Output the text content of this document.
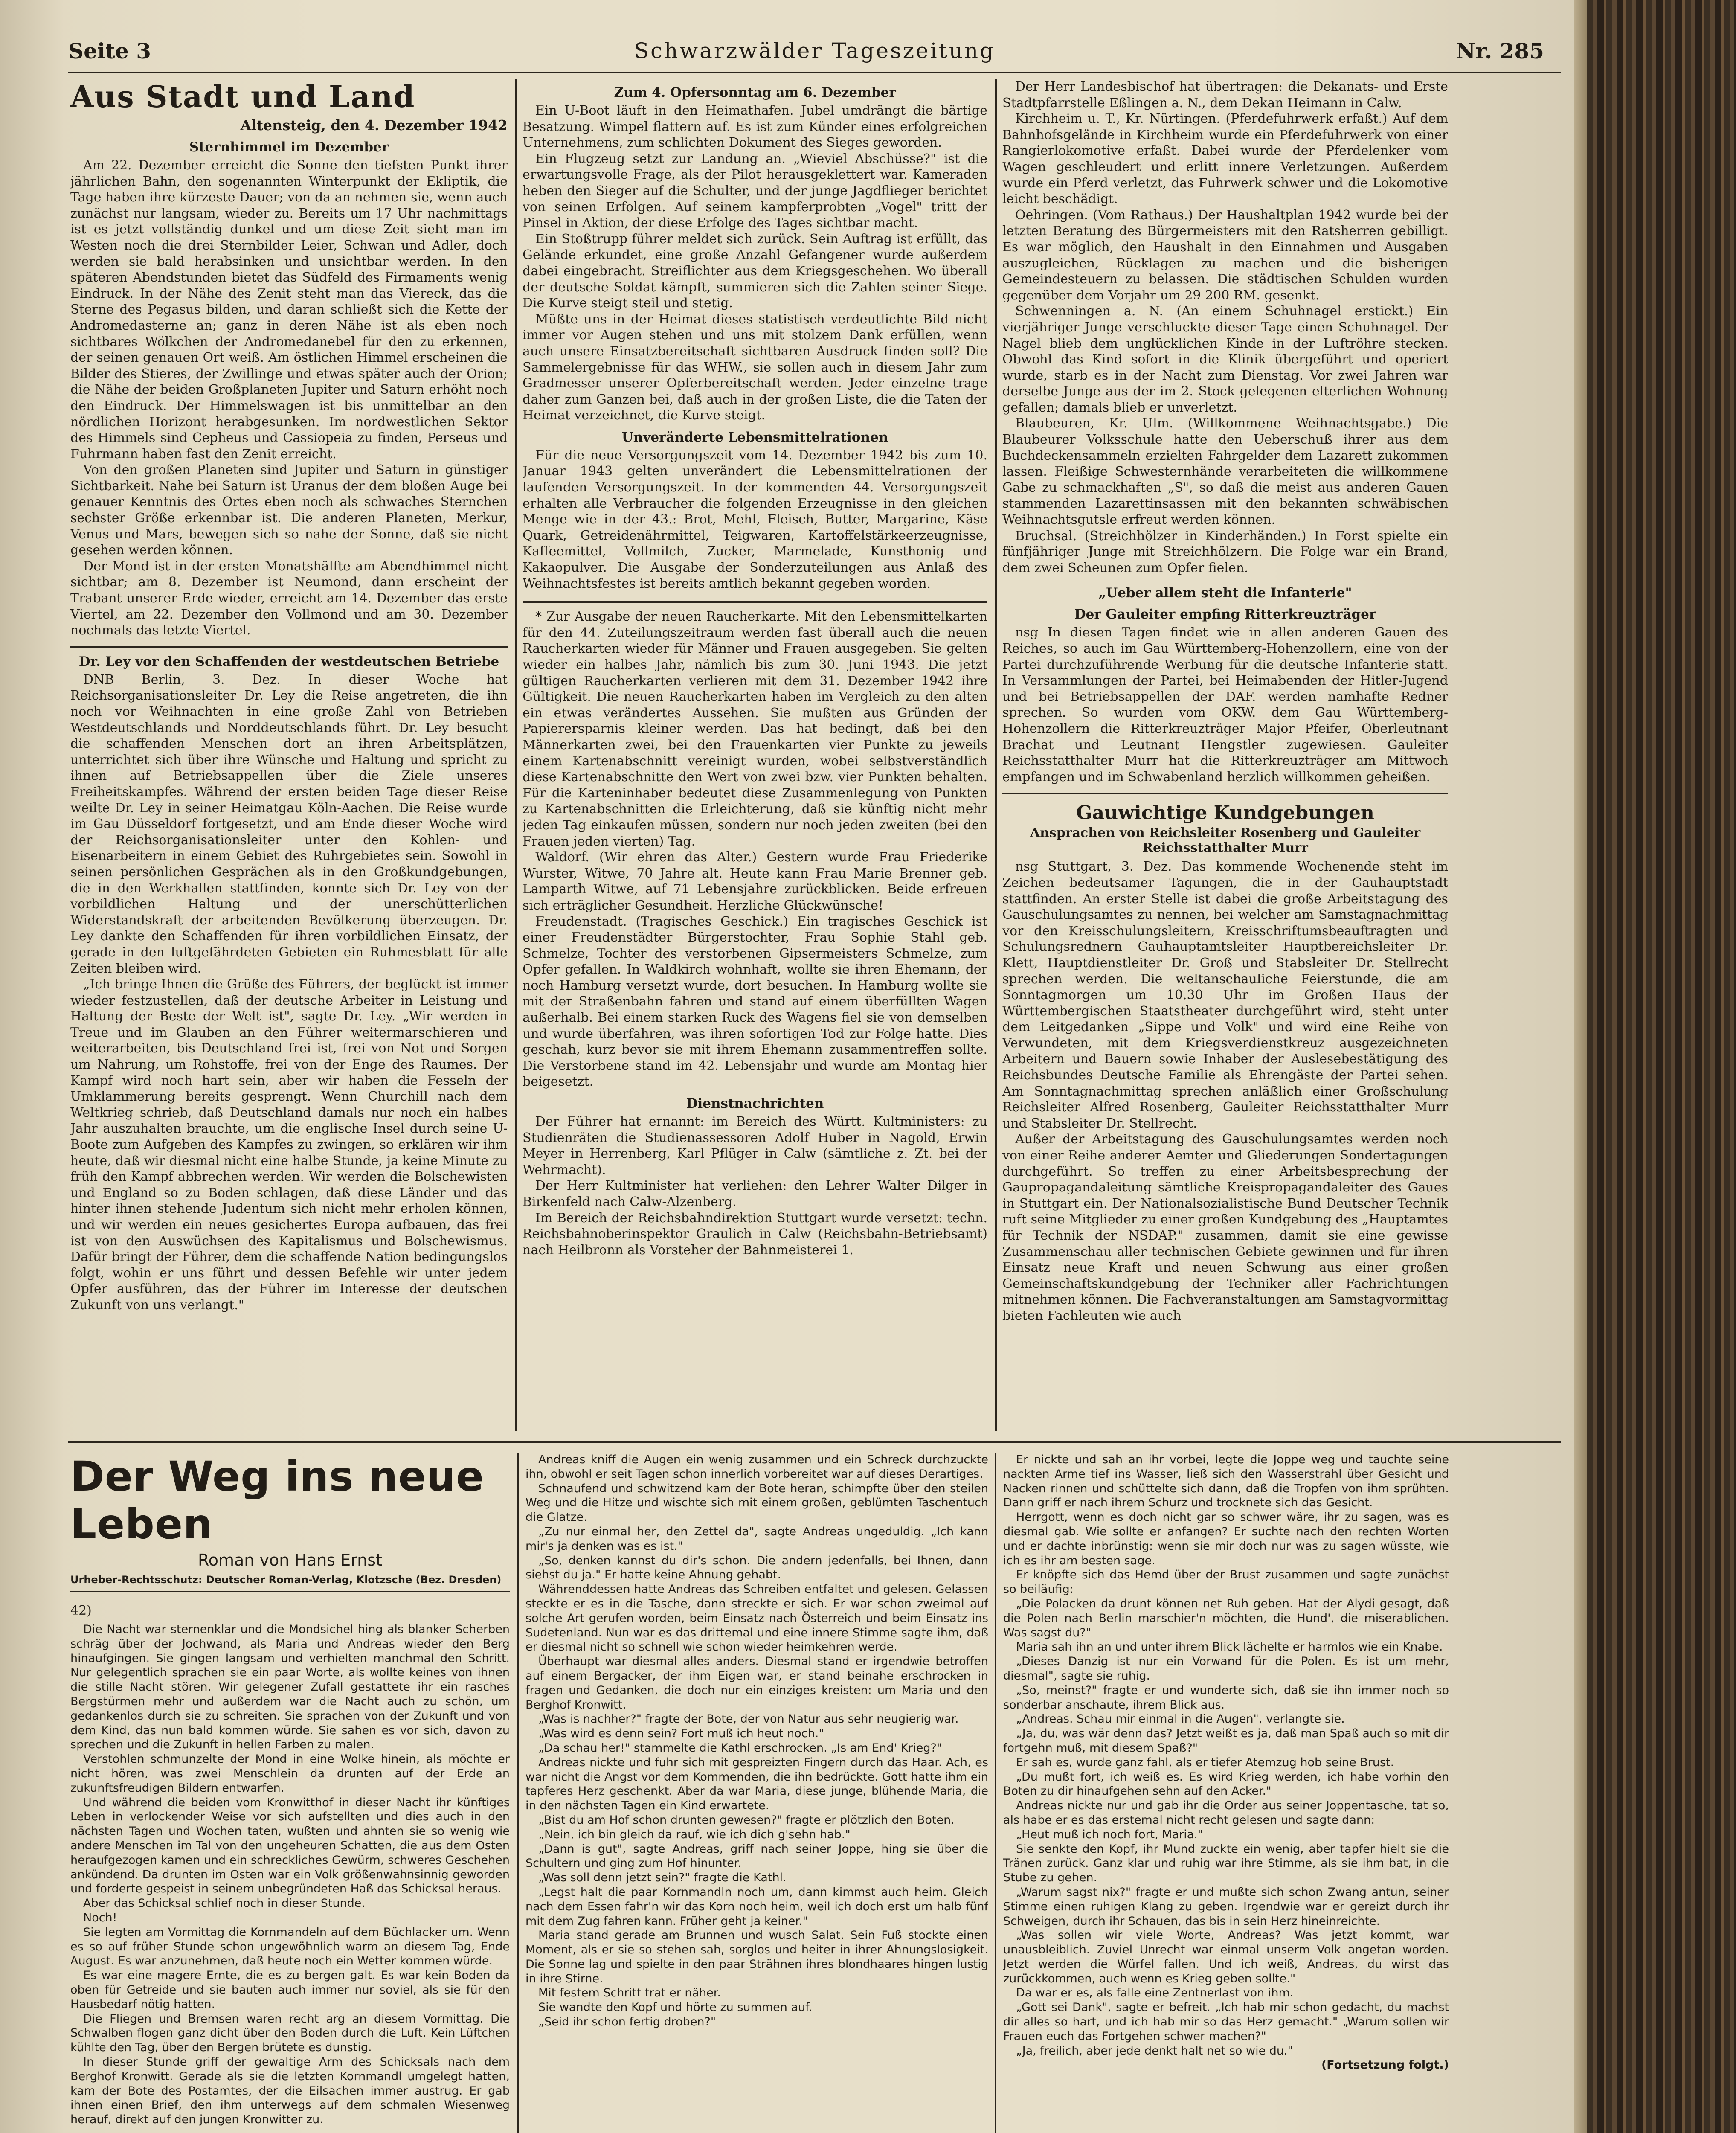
Seite 3	Schwarzwälder Tageszeitung	Nr. 285
Aus Stadt und Land
Altensteig, den 4. Dezember 1942
Sternhimmel im Dezember

Am 22. Dezember erreicht die Sonne den tiefsten Punkt ihrer jährlichen Bahn, den sogenannten Winterpunkt der Ekliptik, die Tage haben ihre kürzeste Dauer; von da an nehmen sie, wenn auch zunächst nur langsam, wieder zu. Bereits um 17 Uhr nachmittags ist es jetzt vollständig dunkel und um diese Zeit sieht man im Westen noch die drei Sternbilder Leier, Schwan und Adler, doch werden sie bald herabsinken und unsichtbar werden. In den späteren Abendstunden bietet das Südfeld des Firmaments wenig Eindruck. In der Nähe des Zenit steht man das Viereck, das die Sterne des Pegasus bilden, und daran schließt sich die Kette der Andromedasterne an; ganz in deren Nähe ist als eben noch sichtbares Wölkchen der Andromedanebel für den zu erkennen, der seinen genauen Ort weiß. Am östlichen Himmel erscheinen die Bilder des Stieres, der Zwillinge und etwas später auch der Orion; die Nähe der beiden Großplaneten Jupiter und Saturn erhöht noch den Eindruck. Der Himmelswagen ist bis unmittelbar an den nördlichen Horizont herabgesunken. Im nordwestlichen Sektor des Himmels sind Cepheus und Cassiopeia zu finden, Perseus und Fuhrmann haben fast den Zenit erreicht.

Von den großen Planeten sind Jupiter und Saturn in günstiger Sichtbarkeit. Nahe bei Saturn ist Uranus der dem bloßen Auge bei genauer Kenntnis des Ortes eben noch als schwaches Sternchen sechster Größe erkennbar ist. Die anderen Planeten, Merkur, Venus und Mars, bewegen sich so nahe der Sonne, daß sie nicht gesehen werden können.

Der Mond ist in der ersten Monatshälfte am Abendhimmel nicht sichtbar; am 8. Dezember ist Neumond, dann erscheint der Trabant unserer Erde wieder, erreicht am 14. Dezember das erste Viertel, am 22. Dezember den Vollmond und am 30. Dezember nochmals das letzte Viertel.

Dr. Ley vor den Schaffenden der westdeutschen Betriebe

DNB Berlin, 3. Dez. In dieser Woche hat Reichsorganisationsleiter Dr. Ley die Reise angetreten, die ihn noch vor Weihnachten in eine große Zahl von Betrieben Westdeutschlands und Norddeutschlands führt. Dr. Ley besucht die schaffenden Menschen dort an ihren Arbeitsplätzen, unterrichtet sich über ihre Wünsche und Haltung und spricht zu ihnen auf Betriebsappellen über die Ziele unseres Freiheitskampfes. Während der ersten beiden Tage dieser Reise weilte Dr. Ley in seiner Heimatgau Köln-Aachen. Die Reise wurde im Gau Düsseldorf fortgesetzt, und am Ende dieser Woche wird der Reichsorganisationsleiter unter den Kohlen- und Eisenarbeitern in einem Gebiet des Ruhrgebietes sein. Sowohl in seinen persönlichen Gesprächen als in den Großkundgebungen, die in den Werkhallen stattfinden, konnte sich Dr. Ley von der vorbildlichen Haltung und der unerschütterlichen Widerstandskraft der arbeitenden Bevölkerung überzeugen. Dr. Ley dankte den Schaffenden für ihren vorbildlichen Einsatz, der gerade in den luftgefährdeten Gebieten ein Ruhmesblatt für alle Zeiten bleiben wird.

„Ich bringe Ihnen die Grüße des Führers, der beglückt ist immer wieder festzustellen, daß der deutsche Arbeiter in Leistung und Haltung der Beste der Welt ist", sagte Dr. Ley. „Wir werden in Treue und im Glauben an den Führer weitermarschieren und weiterarbeiten, bis Deutschland frei ist, frei von Not und Sorgen um Nahrung, um Rohstoffe, frei von der Enge des Raumes. Der Kampf wird noch hart sein, aber wir haben die Fesseln der Umklammerung bereits gesprengt. Wenn Churchill nach dem Weltkrieg schrieb, daß Deutschland damals nur noch ein halbes Jahr auszuhalten brauchte, um die englische Insel durch seine U-Boote zum Aufgeben des Kampfes zu zwingen, so erklären wir ihm heute, daß wir diesmal nicht eine halbe Stunde, ja keine Minute zu früh den Kampf abbrechen werden. Wir werden die Bolschewisten und England so zu Boden schlagen, daß diese Länder und das hinter ihnen stehende Judentum sich nicht mehr erholen können, und wir werden ein neues gesichertes Europa aufbauen, das frei ist von den Auswüchsen des Kapitalismus und Bolschewismus. Dafür bringt der Führer, dem die schaffende Nation bedingungslos folgt, wohin er uns führt und dessen Befehle wir unter jedem Opfer ausführen, das der Führer im Interesse der deutschen Zukunft von uns verlangt."

Zum 4. Opfersonntag am 6. Dezember

Ein U-Boot läuft in den Heimathafen. Jubel umdrängt die bärtige Besatzung. Wimpel flattern auf. Es ist zum Künder eines erfolgreichen Unternehmens, zum schlichten Dokument des Sieges geworden.

Ein Flugzeug setzt zur Landung an. „Wieviel Abschüsse?" ist die erwartungsvolle Frage, als der Pilot herausgeklettert war. Kameraden heben den Sieger auf die Schulter, und der junge Jagdflieger berichtet von seinen Erfolgen. Auf seinem kampferprobten „Vogel" tritt der Pinsel in Aktion, der diese Erfolge des Tages sichtbar macht.

Ein Stoßtrupp führer meldet sich zurück. Sein Auftrag ist erfüllt, das Gelände erkundet, eine große Anzahl Gefangener wurde außerdem dabei eingebracht. Streiflichter aus dem Kriegsgeschehen. Wo überall der deutsche Soldat kämpft, summieren sich die Zahlen seiner Siege. Die Kurve steigt steil und stetig.

Müßte uns in der Heimat dieses statistisch verdeutlichte Bild nicht immer vor Augen stehen und uns mit stolzem Dank erfüllen, wenn auch unsere Einsatzbereitschaft sichtbaren Ausdruck finden soll? Die Sammelergebnisse für das WHW., sie sollen auch in diesem Jahr zum Gradmesser unserer Opferbereitschaft werden. Jeder einzelne trage daher zum Ganzen bei, daß auch in der großen Liste, die die Taten der Heimat verzeichnet, die Kurve steigt.

Unveränderte Lebensmittelrationen

Für die neue Versorgungszeit vom 14. Dezember 1942 bis zum 10. Januar 1943 gelten unverändert die Lebensmittelrationen der laufenden Versorgungszeit. In der kommenden 44. Versorgungszeit erhalten alle Verbraucher die folgenden Erzeugnisse in den gleichen Menge wie in der 43.: Brot, Mehl, Fleisch, Butter, Margarine, Käse Quark, Getreidenährmittel, Teigwaren, Kartoffelstärkeerzeugnisse, Kaffeemittel, Vollmilch, Zucker, Marmelade, Kunsthonig und Kakaopulver. Die Ausgabe der Sonderzuteilungen aus Anlaß des Weihnachtsfestes ist bereits amtlich bekannt gegeben worden.

* Zur Ausgabe der neuen Raucherkarte. Mit den Lebensmittelkarten für den 44. Zuteilungszeitraum werden fast überall auch die neuen Raucherkarten wieder für Männer und Frauen ausgegeben. Sie gelten wieder ein halbes Jahr, nämlich bis zum 30. Juni 1943. Die jetzt gültigen Raucherkarten verlieren mit dem 31. Dezember 1942 ihre Gültigkeit. Die neuen Raucherkarten haben im Vergleich zu den alten ein etwas verändertes Aussehen. Sie mußten aus Gründen der Papierersparnis kleiner werden. Das hat bedingt, daß bei den Männerkarten zwei, bei den Frauenkarten vier Punkte zu jeweils einem Kartenabschnitt vereinigt wurden, wobei selbstverständlich diese Kartenabschnitte den Wert von zwei bzw. vier Punkten behalten. Für die Karteninhaber bedeutet diese Zusammenlegung von Punkten zu Kartenabschnitten die Erleichterung, daß sie künftig nicht mehr jeden Tag einkaufen müssen, sondern nur noch jeden zweiten (bei den Frauen jeden vierten) Tag.

Waldorf. (Wir ehren das Alter.) Gestern wurde Frau Friederike Wurster, Witwe, 70 Jahre alt. Heute kann Frau Marie Brenner geb. Lamparth Witwe, auf 71 Lebensjahre zurückblicken. Beide erfreuen sich erträglicher Gesundheit. Herzliche Glückwünsche!

Freudenstadt. (Tragisches Geschick.) Ein tragisches Geschick ist einer Freudenstädter Bürgerstochter, Frau Sophie Stahl geb. Schmelze, Tochter des verstorbenen Gipsermeisters Schmelze, zum Opfer gefallen. In Waldkirch wohnhaft, wollte sie ihren Ehemann, der noch Hamburg versetzt wurde, dort besuchen. In Hamburg wollte sie mit der Straßenbahn fahren und stand auf einem überfüllten Wagen außerhalb. Bei einem starken Ruck des Wagens fiel sie von demselben und wurde überfahren, was ihren sofortigen Tod zur Folge hatte. Dies geschah, kurz bevor sie mit ihrem Ehemann zusammentreffen sollte. Die Verstorbene stand im 42. Lebensjahr und wurde am Montag hier beigesetzt.

Dienstnachrichten

Der Führer hat ernannt: im Bereich des Württ. Kultministers: zu Studienräten die Studienassessoren Adolf Huber in Nagold, Erwin Meyer in Herrenberg, Karl Pflüger in Calw (sämtliche z. Zt. bei der Wehrmacht).

Der Herr Kultminister hat verliehen: den Lehrer Walter Dilger in Birkenfeld nach Calw-Alzenberg.

Im Bereich der Reichsbahndirektion Stuttgart wurde versetzt: techn. Reichsbahnoberinspektor Graulich in Calw (Reichsbahn-Betriebsamt) nach Heilbronn als Vorsteher der Bahnmeisterei 1.

Der Herr Landesbischof hat übertragen: die Dekanats- und Erste Stadtpfarrstelle Eßlingen a. N., dem Dekan Heimann in Calw.

Kirchheim u. T., Kr. Nürtingen. (Pferdefuhrwerk erfaßt.) Auf dem Bahnhofsgelände in Kirchheim wurde ein Pferdefuhrwerk von einer Rangierlokomotive erfaßt. Dabei wurde der Pferdelenker vom Wagen geschleudert und erlitt innere Verletzungen. Außerdem wurde ein Pferd verletzt, das Fuhrwerk schwer und die Lokomotive leicht beschädigt.

Oehringen. (Vom Rathaus.) Der Haushaltplan 1942 wurde bei der letzten Beratung des Bürgermeisters mit den Ratsherren gebilligt. Es war möglich, den Haushalt in den Einnahmen und Ausgaben auszugleichen, Rücklagen zu machen und die bisherigen Gemeindesteuern zu belassen. Die städtischen Schulden wurden gegenüber dem Vorjahr um 29 200 RM. gesenkt.

Schwenningen a. N. (An einem Schuhnagel erstickt.) Ein vierjähriger Junge verschluckte dieser Tage einen Schuhnagel. Der Nagel blieb dem unglücklichen Kinde in der Luftröhre stecken. Obwohl das Kind sofort in die Klinik übergeführt und operiert wurde, starb es in der Nacht zum Dienstag. Vor zwei Jahren war derselbe Junge aus der im 2. Stock gelegenen elterlichen Wohnung gefallen; damals blieb er unverletzt.

Blaubeuren, Kr. Ulm. (Willkommene Weihnachtsgabe.) Die Blaubeurer Volksschule hatte den Ueberschuß ihrer aus dem Buchdeckensammeln erzielten Fahrgelder dem Lazarett zukommen lassen. Fleißige Schwesternhände verarbeiteten die willkommene Gabe zu schmackhaften „S", so daß die meist aus anderen Gauen stammenden Lazarettinsassen mit den bekannten schwäbischen Weihnachtsgutsle erfreut werden können.

Bruchsal. (Streichhölzer in Kinderhänden.) In Forst spielte ein fünfjähriger Junge mit Streichhölzern. Die Folge war ein Brand, dem zwei Scheunen zum Opfer fielen.

„Ueber allem steht die Infanterie"
Der Gauleiter empfing Ritterkreuzträger

nsg In diesen Tagen findet wie in allen anderen Gauen des Reiches, so auch im Gau Württemberg-Hohenzollern, eine von der Partei durchzuführende Werbung für die deutsche Infanterie statt. In Versammlungen der Partei, bei Heimabenden der Hitler-Jugend und bei Betriebsappellen der DAF. werden namhafte Redner sprechen. So wurden vom OKW. dem Gau Württemberg-Hohenzollern die Ritterkreuzträger Major Pfeifer, Oberleutnant Brachat und Leutnant Hengstler zugewiesen. Gauleiter Reichsstatthalter Murr hat die Ritterkreuzträger am Mittwoch empfangen und im Schwabenland herzlich willkommen geheißen.

Gauwichtige Kundgebungen
Ansprachen von Reichsleiter Rosenberg und Gauleiter Reichsstatthalter Murr

nsg Stuttgart, 3. Dez. Das kommende Wochenende steht im Zeichen bedeutsamer Tagungen, die in der Gauhauptstadt stattfinden. An erster Stelle ist dabei die große Arbeitstagung des Gauschulungsamtes zu nennen, bei welcher am Samstagnachmittag vor den Kreisschulungsleitern, Kreisschriftumsbeauftragten und Schulungsrednern Gauhauptamtsleiter Hauptbereichsleiter Dr. Klett, Hauptdienstleiter Dr. Groß und Stabsleiter Dr. Stellrecht sprechen werden. Die weltanschauliche Feierstunde, die am Sonntagmorgen um 10.30 Uhr im Großen Haus der Württembergischen Staatstheater durchgeführt wird, steht unter dem Leitgedanken „Sippe und Volk" und wird eine Reihe von Verwundeten, mit dem Kriegsverdienstkreuz ausgezeichneten Arbeitern und Bauern sowie Inhaber der Auslesebestätigung des Reichsbundes Deutsche Familie als Ehrengäste der Partei sehen. Am Sonntagnachmittag sprechen anläßlich einer Großschulung Reichsleiter Alfred Rosenberg, Gauleiter Reichsstatthalter Murr und Stabsleiter Dr. Stellrecht.

Außer der Arbeitstagung des Gauschulungsamtes werden noch von einer Reihe anderer Aemter und Gliederungen Sondertagungen durchgeführt. So treffen zu einer Arbeitsbesprechung der Gaupropagandaleitung sämtliche Kreispropagandaleiter des Gaues in Stuttgart ein. Der Nationalsozialistische Bund Deutscher Technik ruft seine Mitglieder zu einer großen Kundgebung des „Hauptamtes für Technik der NSDAP." zusammen, damit sie eine gewisse Zusammenschau aller technischen Gebiete gewinnen und für ihren Einsatz neue Kraft und neuen Schwung aus einer großen Gemeinschaftskundgebung der Techniker aller Fachrichtungen mitnehmen können. Die Fachveranstaltungen am Samstagvormittag bieten Fachleuten wie auch

Der Weg ins neue Leben
Roman von Hans Ernst
Urheber-Rechtsschutz: Deutscher Roman-Verlag, Klotzsche (Bez. Dresden)
42)

Die Nacht war sternenklar und die Mondsichel hing als blanker Scherben schräg über der Jochwand, als Maria und Andreas wieder den Berg hinaufgingen. Sie gingen langsam und verhielten manchmal den Schritt. Nur gelegentlich sprachen sie ein paar Worte, als wollte keines von ihnen die stille Nacht stören. Wir gelegener Zufall gestattete ihr ein rasches Bergstürmen mehr und außerdem war die Nacht auch zu schön, um gedankenlos durch sie zu schreiten. Sie sprachen von der Zukunft und von dem Kind, das nun bald kommen würde. Sie sahen es vor sich, davon zu sprechen und die Zukunft in hellen Farben zu malen.

Verstohlen schmunzelte der Mond in eine Wolke hinein, als möchte er nicht hören, was zwei Menschlein da drunten auf der Erde an zukunftsfreudigen Bildern entwarfen.

Und während die beiden vom Kronwitthof in dieser Nacht ihr künftiges Leben in verlockender Weise vor sich aufstellten und dies auch in den nächsten Tagen und Wochen taten, wußten und ahnten sie so wenig wie andere Menschen im Tal von den ungeheuren Schatten, die aus dem Osten heraufgezogen kamen und ein schreckliches Gewürm, schweres Geschehen ankündend. Da drunten im Osten war ein Volk größenwahnsinnig geworden und forderte gespeist in seinem unbegründeten Haß das Schicksal heraus.

Aber das Schicksal schlief noch in dieser Stunde.

Noch!

Sie legten am Vormittag die Kornmandeln auf dem Büchlacker um. Wenn es so auf früher Stunde schon ungewöhnlich warm an diesem Tag, Ende August. Es war anzunehmen, daß heute noch ein Wetter kommen würde.

Es war eine magere Ernte, die es zu bergen galt. Es war kein Boden da oben für Getreide und sie bauten auch immer nur soviel, als sie für den Hausbedarf nötig hatten.

Die Fliegen und Bremsen waren recht arg an diesem Vormittag. Die Schwalben flogen ganz dicht über den Boden durch die Luft. Kein Lüftchen kühlte den Tag, über den Bergen brütete es dunstig.

In dieser Stunde griff der gewaltige Arm des Schicksals nach dem Berghof Kronwitt. Gerade als sie die letzten Kornmandl umgelegt hatten, kam der Bote des Postamtes, der die Eilsachen immer austrug. Er gab ihnen einen Brief, den ihm unterwegs auf dem schmalen Wiesenweg herauf, direkt auf den jungen Kronwitter zu.

Andreas kniff die Augen ein wenig zusammen und ein Schreck durchzuckte ihn, obwohl er seit Tagen schon innerlich vorbereitet war auf dieses Derartiges.

Schnaufend und schwitzend kam der Bote heran, schimpfte über den steilen Weg und die Hitze und wischte sich mit einem großen, geblümten Taschentuch die Glatze.

„Zu nur einmal her, den Zettel da", sagte Andreas ungeduldig. „Ich kann mir's ja denken was es ist."

„So, denken kannst du dir's schon. Die andern jedenfalls, bei Ihnen, dann siehst du ja." Er hatte keine Ahnung gehabt.

Währenddessen hatte Andreas das Schreiben entfaltet und gelesen. Gelassen steckte er es in die Tasche, dann streckte er sich. Er war schon zweimal auf solche Art gerufen worden, beim Einsatz nach Österreich und beim Einsatz ins Sudetenland. Nun war es das drittemal und eine innere Stimme sagte ihm, daß er diesmal nicht so schnell wie schon wieder heimkehren werde.

Überhaupt war diesmal alles anders. Diesmal stand er irgendwie betroffen auf einem Bergacker, der ihm Eigen war, er stand beinahe erschrocken in fragen und Gedanken, die doch nur ein einziges kreisten: um Maria und den Berghof Kronwitt.

„Was is nachher?" fragte der Bote, der von Natur aus sehr neugierig war.

„Was wird es denn sein? Fort muß ich heut noch."

„Da schau her!" stammelte die Kathl erschrocken. „Is am End' Krieg?"

Andreas nickte und fuhr sich mit gespreizten Fingern durch das Haar. Ach, es war nicht die Angst vor dem Kommenden, die ihn bedrückte. Gott hatte ihm ein tapferes Herz geschenkt. Aber da war Maria, diese junge, blühende Maria, die in den nächsten Tagen ein Kind erwartete.

„Bist du am Hof schon drunten gewesen?" fragte er plötzlich den Boten.

„Nein, ich bin gleich da rauf, wie ich dich g'sehn hab."

„Dann is gut", sagte Andreas, griff nach seiner Joppe, hing sie über die Schultern und ging zum Hof hinunter.

„Was soll denn jetzt sein?" fragte die Kathl.

„Legst halt die paar Kornmandln noch um, dann kimmst auch heim. Gleich nach dem Essen fahr'n wir das Korn noch heim, weil ich doch erst um halb fünf mit dem Zug fahren kann. Früher geht ja keiner."

Maria stand gerade am Brunnen und wusch Salat. Sein Fuß stockte einen Moment, als er sie so stehen sah, sorglos und heiter in ihrer Ahnungslosigkeit. Die Sonne lag und spielte in den paar Strähnen ihres blondhaares hingen lustig in ihre Stirne.

Mit festem Schritt trat er näher.

Sie wandte den Kopf und hörte zu summen auf.

„Seid ihr schon fertig droben?"

Er nickte und sah an ihr vorbei, legte die Joppe weg und tauchte seine nackten Arme tief ins Wasser, ließ sich den Wasserstrahl über Gesicht und Nacken rinnen und schüttelte sich dann, daß die Tropfen von ihm sprühten. Dann griff er nach ihrem Schurz und trocknete sich das Gesicht.

Herrgott, wenn es doch nicht gar so schwer wäre, ihr zu sagen, was es diesmal gab. Wie sollte er anfangen? Er suchte nach den rechten Worten und er dachte inbrünstig: wenn sie mir doch nur was zu sagen wüsste, wie ich es ihr am besten sage.

Er knöpfte sich das Hemd über der Brust zusammen und sagte zunächst so beiläufig:

„Die Polacken da drunt können net Ruh geben. Hat der Alydi gesagt, daß die Polen nach Berlin marschier'n möchten, die Hund', die miserablichen. Was sagst du?"

Maria sah ihn an und unter ihrem Blick lächelte er harmlos wie ein Knabe.

„Dieses Danzig ist nur ein Vorwand für die Polen. Es ist um mehr, diesmal", sagte sie ruhig.

„So, meinst?" fragte er und wunderte sich, daß sie ihn immer noch so sonderbar anschaute, ihrem Blick aus.

„Andreas. Schau mir einmal in die Augen", verlangte sie.

„Ja, du, was wär denn das? Jetzt weißt es ja, daß man Spaß auch so mit dir fortgehn muß, mit diesem Spaß?"

Er sah es, wurde ganz fahl, als er tiefer Atemzug hob seine Brust.

„Du mußt fort, ich weiß es. Es wird Krieg werden, ich habe vorhin den Boten zu dir hinaufgehen sehn auf den Acker."

Andreas nickte nur und gab ihr die Order aus seiner Joppentasche, tat so, als habe er es das erstemal nicht recht gelesen und sagte dann:

„Heut muß ich noch fort, Maria."

Sie senkte den Kopf, ihr Mund zuckte ein wenig, aber tapfer hielt sie die Tränen zurück. Ganz klar und ruhig war ihre Stimme, als sie ihm bat, in die Stube zu gehen.

„Warum sagst nix?" fragte er und mußte sich schon Zwang antun, seiner Stimme einen ruhigen Klang zu geben. Irgendwie war er gereizt durch ihr Schweigen, durch ihr Schauen, das bis in sein Herz hineinreichte.

„Was sollen wir viele Worte, Andreas? Was jetzt kommt, war unausbleiblich. Zuviel Unrecht war einmal unserm Volk angetan worden. Jetzt werden die Würfel fallen. Und ich weiß, Andreas, du wirst das zurückkommen, auch wenn es Krieg geben sollte."

Da war er es, als falle eine Zentnerlast von ihm.

„Gott sei Dank", sagte er befreit. „Ich hab mir schon gedacht, du machst dir alles so hart, und ich hab mir so das Herz gemacht." „Warum sollen wir Frauen euch das Fortgehen schwer machen?"

„Ja, freilich, aber jede denkt halt net so wie du."

(Fortsetzung folgt.)
